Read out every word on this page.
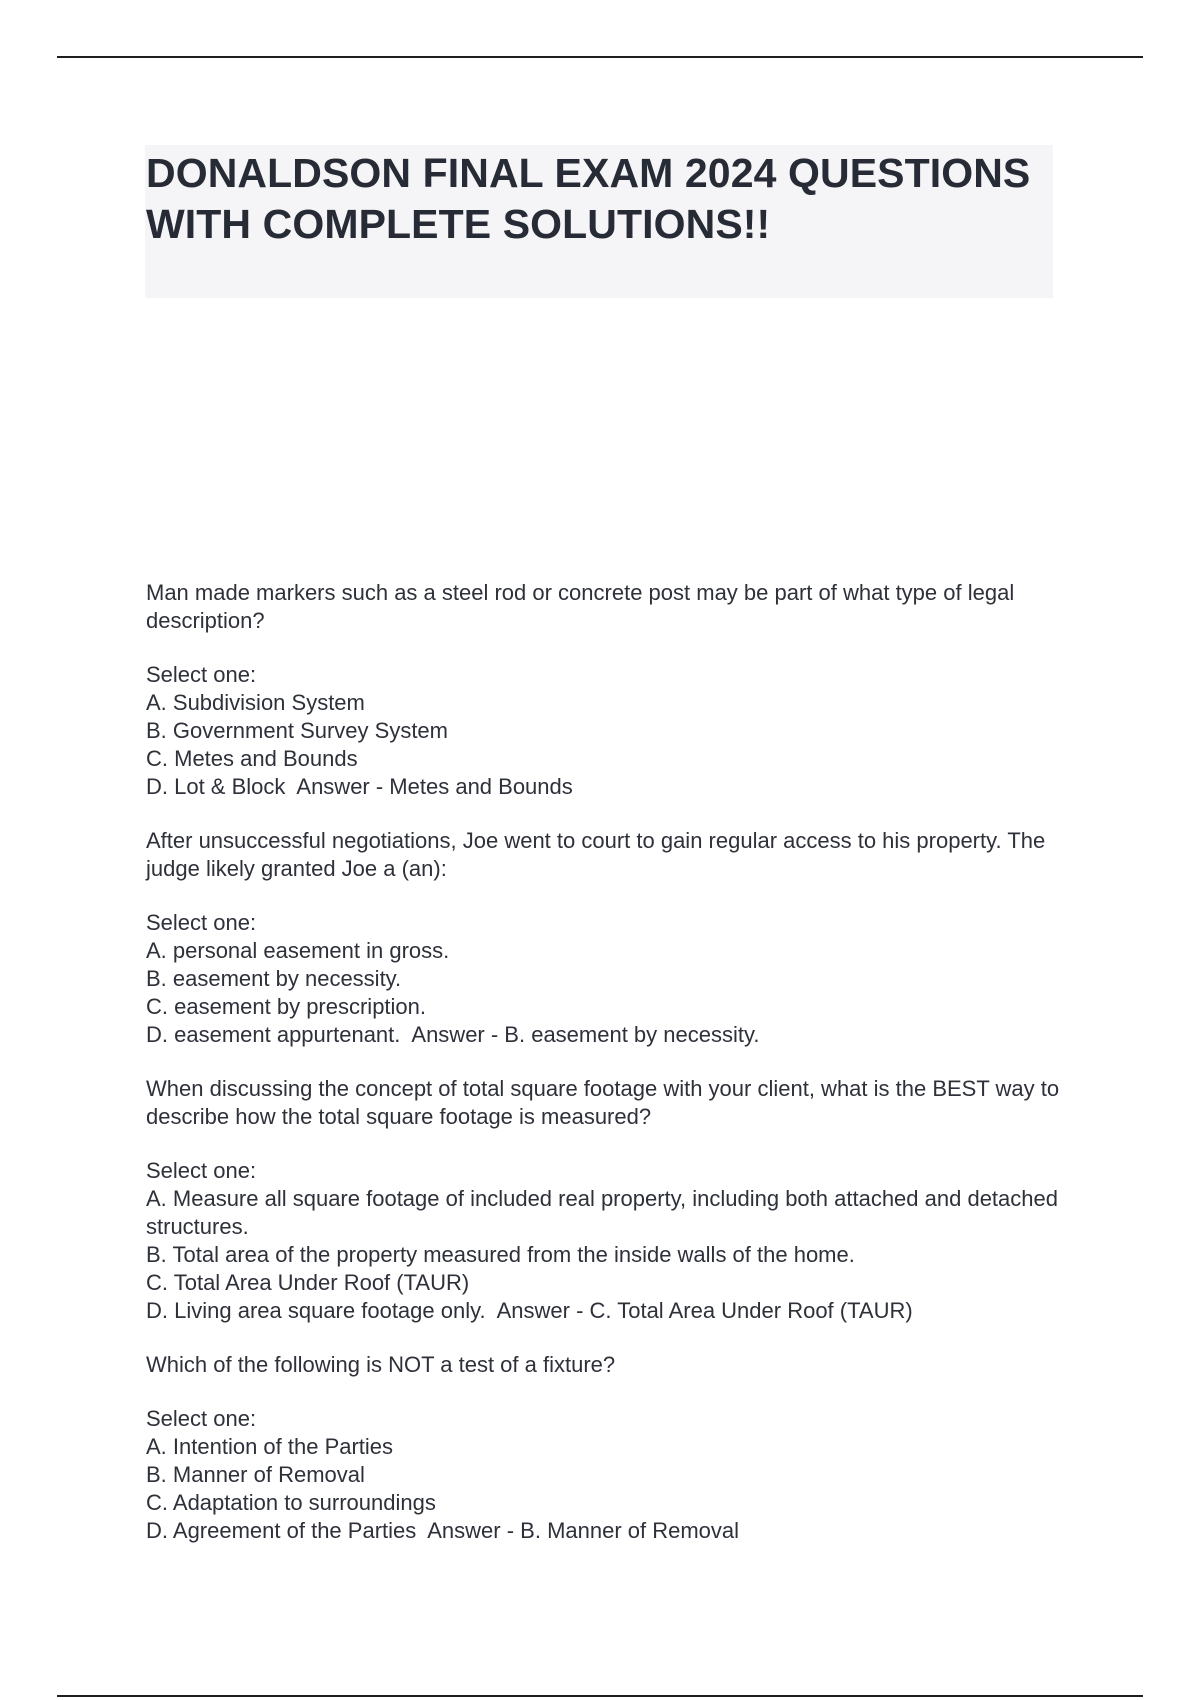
DONALDSON FINAL EXAM 2024 QUESTIONS WITH COMPLETE SOLUTIONS!!
Man made markers such as a steel rod or concrete post may be part of what type of legal description?
Select one:
A. Subdivision System
B. Government Survey System
C. Metes and Bounds
D. Lot & Block  Answer - Metes and Bounds
After unsuccessful negotiations, Joe went to court to gain regular access to his property. The judge likely granted Joe a (an):
Select one:
A. personal easement in gross.
B. easement by necessity.
C. easement by prescription.
D. easement appurtenant.  Answer - B. easement by necessity.
When discussing the concept of total square footage with your client, what is the BEST way to describe how the total square footage is measured?
Select one:
A. Measure all square footage of included real property, including both attached and detached structures.
B. Total area of the property measured from the inside walls of the home.
C. Total Area Under Roof (TAUR)
D. Living area square footage only.  Answer - C. Total Area Under Roof (TAUR)
Which of the following is NOT a test of a fixture?
Select one:
A. Intention of the Parties
B. Manner of Removal
C. Adaptation to surroundings
D. Agreement of the Parties  Answer - B. Manner of Removal
